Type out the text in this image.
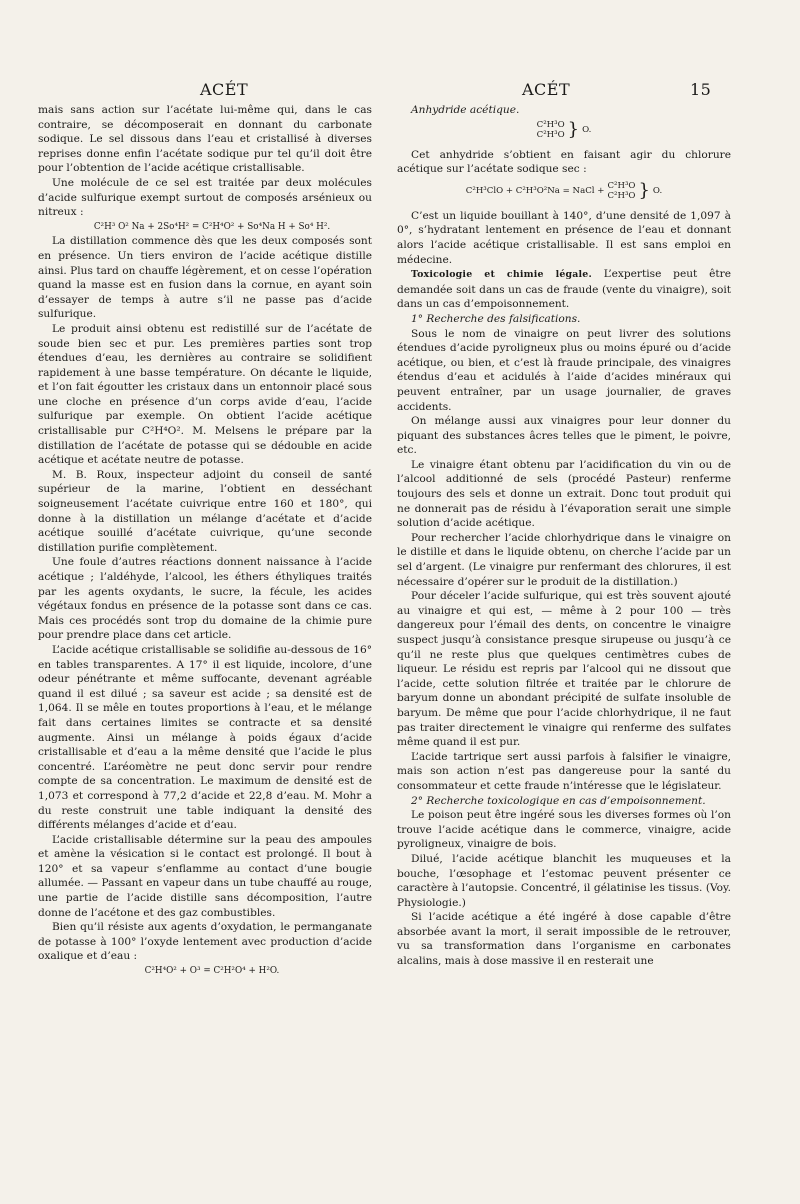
ACÉT	ACÉT	15

mais sans action sur l’acétate lui-même qui, dans le cas contraire, se décomposerait en donnant du carbonate sodique. Le sel dissous dans l’eau et cristallisé à diverses reprises donne enfin l’acétate sodique pur tel qu’il doit être pour l’obtention de l’acide acétique cristallisable.

Une molécule de ce sel est traitée par deux molécules d’acide sulfurique exempt surtout de composés arsénieux ou nitreux :

C²H³ O² Na + 2So⁴H² = C²H⁴O² + So⁴Na H + So⁴ H².

La distillation commence dès que les deux composés sont en présence. Un tiers environ de l’acide acétique distille ainsi. Plus tard on chauffe légèrement, et on cesse l’opération quand la masse est en fusion dans la cornue, en ayant soin d’essayer de temps à autre s’il ne passe pas d’acide sulfurique.

Le produit ainsi obtenu est redistillé sur de l’acétate de soude bien sec et pur. Les premières parties sont trop étendues d’eau, les dernières au contraire se solidifient rapidement à une basse température. On décante le liquide, et l’on fait égoutter les cristaux dans un entonnoir placé sous une cloche en présence d’un corps avide d’eau, l’acide sulfurique par exemple. On obtient l’acide acétique cristallisable pur C²H⁴O². M. Melsens le prépare par la distillation de l’acétate de potasse qui se dédouble en acide acétique et acétate neutre de potasse.

M. B. Roux, inspecteur adjoint du conseil de santé supérieur de la marine, l’obtient en desséchant soigneusement l’acétate cuivrique entre 160 et 180°, qui donne à la distillation un mélange d’acétate et d’acide acétique souillé d’acétate cuivrique, qu’une seconde distillation purifie complètement.

Une foule d’autres réactions donnent naissance à l’acide acétique ; l’aldéhyde, l’alcool, les éthers éthyliques traités par les agents oxydants, le sucre, la fécule, les acides végétaux fondus en présence de la potasse sont dans ce cas. Mais ces procédés sont trop du domaine de la chimie pure pour prendre place dans cet article.

L’acide acétique cristallisable se solidifie au-dessous de 16° en tables transparentes. A 17° il est liquide, incolore, d’une odeur pénétrante et même suffocante, devenant agréable quand il est dilué ; sa saveur est acide ; sa densité est de 1,064. Il se mêle en toutes proportions à l’eau, et le mélange fait dans certaines limites se contracte et sa densité augmente. Ainsi un mélange à poids égaux d’acide cristallisable et d’eau a la même densité que l’acide le plus concentré. L’aréomètre ne peut donc servir pour rendre compte de sa concentration. Le maximum de densité est de 1,073 et correspond à 77,2 d’acide et 22,8 d’eau. M. Mohr a du reste construit une table indiquant la densité des différents mélanges d’acide et d’eau.

L’acide cristallisable détermine sur la peau des ampoules et amène la vésication si le contact est prolongé. Il bout à 120° et sa vapeur s’enflamme au contact d’une bougie allumée. — Passant en vapeur dans un tube chauffé au rouge, une partie de l’acide distille sans décomposition, l’autre donne de l’acétone et des gaz combustibles.

Bien qu’il résiste aux agents d’oxydation, le permanganate de potasse à 100° l’oxyde lentement avec production d’acide oxalique et d’eau :

C²H⁴O² + O³ = C²H²O⁴ + H²O.

Anhydride acétique.

C²H³O
C²H³O } O.

Cet anhydride s’obtient en faisant agir du chlorure acétique sur l’acétate sodique sec :

C²H³ClO + C²H³O²Na = NaCl + C²H³O
C²H³O } O.

C’est un liquide bouillant à 140°, d’une densité de 1,097 à 0°, s’hydratant lentement en présence de l’eau et donnant alors l’acide acétique cristallisable. Il est sans emploi en médecine.

Toxicologie et chimie légale. L’expertise peut être demandée soit dans un cas de fraude (vente du vinaigre), soit dans un cas d’empoisonnement.

1° Recherche des falsifications.

Sous le nom de vinaigre on peut livrer des solutions étendues d’acide pyroligneux plus ou moins épuré ou d’acide acétique, ou bien, et c’est là fraude principale, des vinaigres étendus d’eau et acidulés à l’aide d’acides minéraux qui peuvent entraîner, par un usage journalier, de graves accidents.

On mélange aussi aux vinaigres pour leur donner du piquant des substances âcres telles que le piment, le poivre, etc.

Le vinaigre étant obtenu par l’acidification du vin ou de l’alcool additionné de sels (procédé Pasteur) renferme toujours des sels et donne un extrait. Donc tout produit qui ne donnerait pas de résidu à l’évaporation serait une simple solution d’acide acétique.

Pour rechercher l’acide chlorhydrique dans le vinaigre on le distille et dans le liquide obtenu, on cherche l’acide par un sel d’argent. (Le vinaigre pur renfermant des chlorures, il est nécessaire d’opérer sur le produit de la distillation.)

Pour déceler l’acide sulfurique, qui est très souvent ajouté au vinaigre et qui est, — même à 2 pour 100 — très dangereux pour l’émail des dents, on concentre le vinaigre suspect jusqu’à consistance presque sirupeuse ou jusqu’à ce qu’il ne reste plus que quelques centimètres cubes de liqueur. Le résidu est repris par l’alcool qui ne dissout que l’acide, cette solution filtrée et traitée par le chlorure de baryum donne un abondant précipité de sulfate insoluble de baryum. De même que pour l’acide chlorhydrique, il ne faut pas traiter directement le vinaigre qui renferme des sulfates même quand il est pur.

L’acide tartrique sert aussi parfois à falsifier le vinaigre, mais son action n’est pas dangereuse pour la santé du consommateur et cette fraude n’intéresse que le législateur.

2° Recherche toxicologique en cas d’empoisonnement.

Le poison peut être ingéré sous les diverses formes où l’on trouve l’acide acétique dans le commerce, vinaigre, acide pyroligneux, vinaigre de bois.

Dilué, l’acide acétique blanchit les muqueuses et la bouche, l’œsophage et l’estomac peuvent présenter ce caractère à l’autopsie. Concentré, il gélatinise les tissus. (Voy. Physiologie.)

Si l’acide acétique a été ingéré à dose capable d’être absorbée avant la mort, il serait impossible de le retrouver, vu sa transformation dans l’organisme en carbonates alcalins, mais à dose massive il en resterait une
